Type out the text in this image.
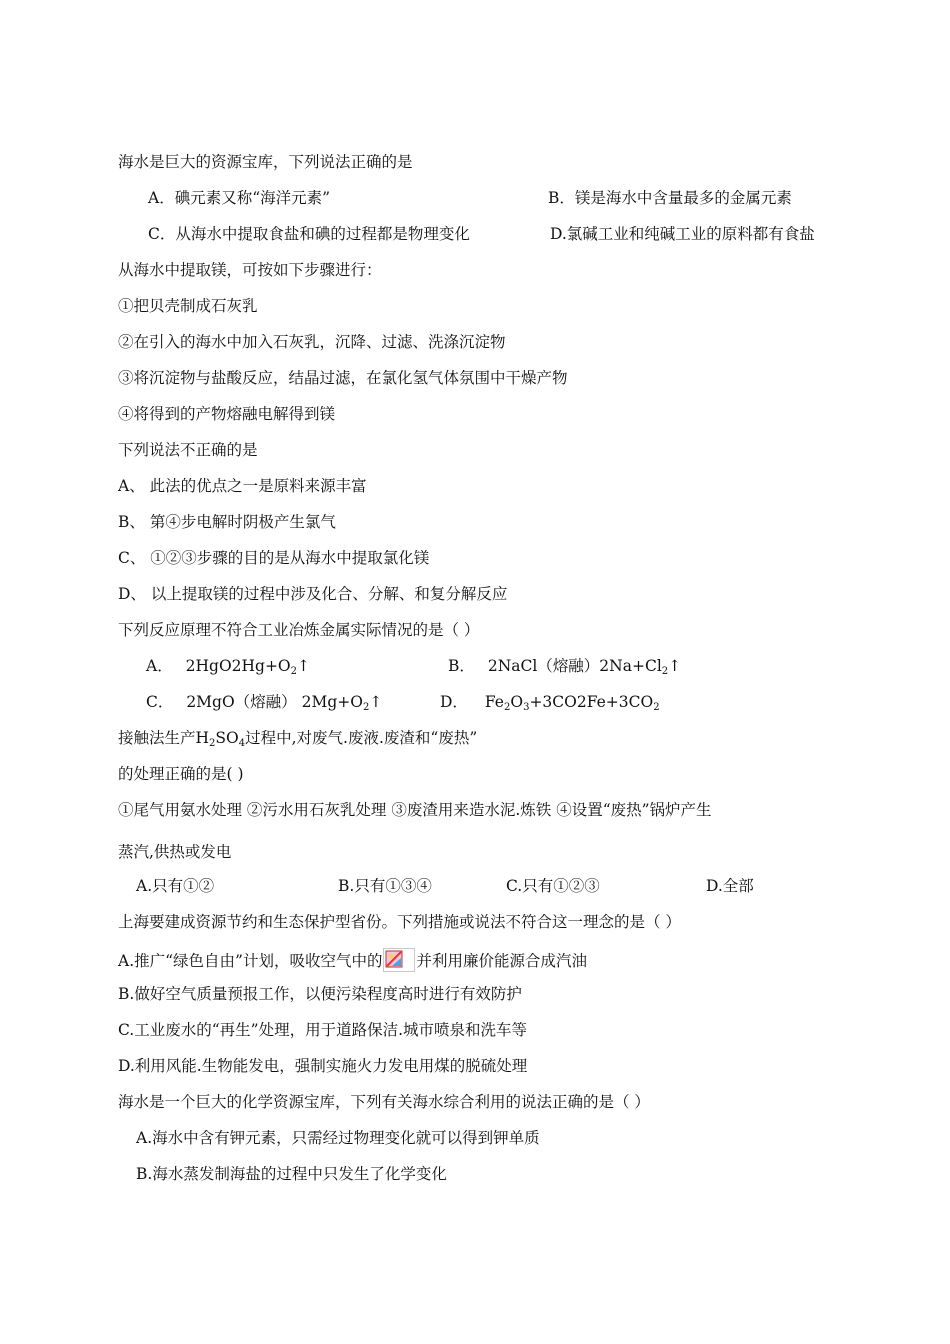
海水是巨大的资源宝库，下列说法正确的是
A．碘元素又称“海洋元素”	B．镁是海水中含量最多的金属元素
C．从海水中提取食盐和碘的过程都是物理变化	D.氯碱工业和纯碱工业的原料都有食盐
从海水中提取镁，可按如下步骤进行：
①把贝壳制成石灰乳
②在引入的海水中加入石灰乳，沉降、过滤、洗涤沉淀物
③将沉淀物与盐酸反应，结晶过滤，在氯化氢气体氛围中干燥产物
④将得到的产物熔融电解得到镁
下列说法不正确的是
A、 此法的优点之一是原料来源丰富
B、 第④步电解时阴极产生氯气
C、 ①②③步骤的目的是从海水中提取氯化镁
D、 以上提取镁的过程中涉及化合、分解、和复分解反应
下列反应原理不符合工业冶炼金属实际情况的是（ ）
A． $2HgO2Hg+O_2↑$	B． 2NaCl（熔融）$2Na+Cl_2↑$
C． 2MgO（熔融） $2Mg+O_2↑$	D． $Fe_2O_3+3CO2Fe+3CO_2$
接触法生产$H_2SO_4$过程中,对废气.废液.废渣和“废热”
的处理正确的是( )
①尾气用氨水处理 ②污水用石灰乳处理 ③废渣用来造水泥.炼铁 ④设置“废热”锅炉产生
蒸汽,供热或发电
A.只有①②	B.只有①③④	C.只有①②③	D.全部
上海要建成资源节约和生态保护型省份。下列措施或说法不符合这一理念的是（ ）
A.推广“绿色自由”计划，吸收空气中的 并利用廉价能源合成汽油
B.做好空气质量预报工作，以便污染程度高时进行有效防护
C.工业废水的“再生”处理，用于道路保洁.城市喷泉和洗车等
D.利用风能.生物能发电，强制实施火力发电用煤的脱硫处理
海水是一个巨大的化学资源宝库，下列有关海水综合利用的说法正确的是（ ）
A.海水中含有钾元素，只需经过物理变化就可以得到钾单质
B.海水蒸发制海盐的过程中只发生了化学变化
